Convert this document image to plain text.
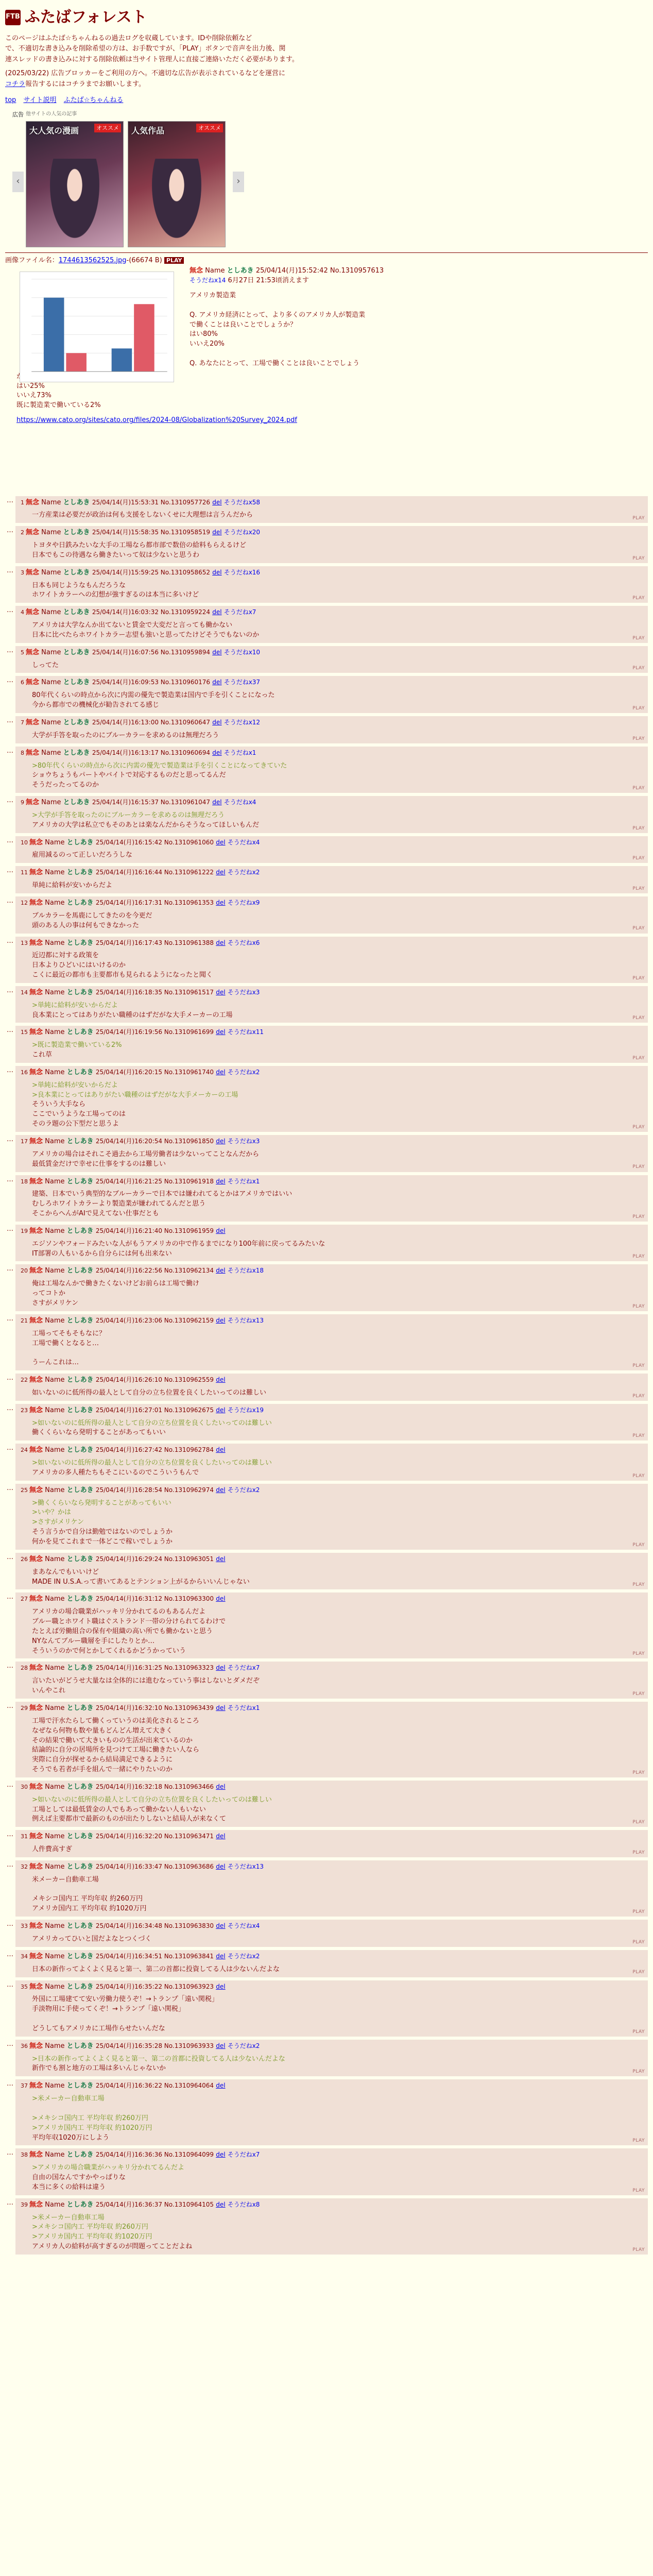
FTB ふたばフォレスト

このページはふたば☆ちゃんねるの過去ログを収蔵しています。IDや削除依頼など

で、不適切な書き込みを削除希望の方は、お手数ですが、「PLAY」ボタンで音声を出力後、関

連スレッドの書き込みに対する削除依頼は当サイト管理人に直接ご連絡いただく必要があります。

(2025/03/22) 広告ブロッカーをご利用の方へ。不適切な広告が表示されているなどを運営に

コチラ報告するにはコチラまでお願いします。

top サイト説明 ふたば☆ちゃんねる
広告 他サイトの人気の記事
‹
オススメ
大人気の漫画	オススメ
人気作品
›
画像ファイル名：1744613562525.jpg-(66674 B) PLAY
無念 Name としあき 25/04/14(月)15:52:42 No.1310957613
そうだねx14 6月27日 21:53頃消えます

アメリカ製造業

Q. アメリカ経済にとって、より多くのアメリカ人が製造業

で働くことは良いことでしょうか？

はい80%

いいえ20%

Q. あなたにとって、工場で働くことは良いことでしょう

か？

はい25%

いいえ73%

既に製造業で働いている2%

https://www.cato.org/sites/cato.org/files/2024-08/Globalization%20Survey_2024.pdf
…	1 無念 Name としあき 25/04/14(月)15:53:31 No.1310957726 del そうだねx58
一方産業は必要だが政治は何も支援をしないくせに大理想は言うんだから	PLAY
…	2 無念 Name としあき 25/04/14(月)15:58:35 No.1310958519 del そうだねx20
トヨタや日鉄みたいな大手の工場なら都市部で数倍の給料もらえるけど
日本でもこの待遇なら働きたいって奴は少ないと思うわ	PLAY
…	3 無念 Name としあき 25/04/14(月)15:59:25 No.1310958652 del そうだねx16
日本も同じようなもんだろうな
ホワイトカラーへの幻想が強すぎるのは本当に多いけど	PLAY
…	4 無念 Name としあき 25/04/14(月)16:03:32 No.1310959224 del そうだねx7
アメリカは大学なんか出てないと賃金で大変だと言っても働かない
日本に比べたらホワイトカラー志望も強いと思ってたけどそうでもないのか	PLAY
…	5 無念 Name としあき 25/04/14(月)16:07:56 No.1310959894 del そうだねx10
しってた	PLAY
…	6 無念 Name としあき 25/04/14(月)16:09:53 No.1310960176 del そうだねx37
80年代くらいの時点から次に内需の優先で製造業は国内で手を引くことになった
今から都市での機械化が勧告されてる感じ	PLAY
…	7 無念 Name としあき 25/04/14(月)16:13:00 No.1310960647 del そうだねx12
大学が手答を取ったのにブルーカラーを求めるのは無理だろう	PLAY
…	8 無念 Name としあき 25/04/14(月)16:13:17 No.1310960694 del そうだねx1
>80年代くらいの時点から次に内需の優先で製造業は手を引くことになってきていた
ショウちょうもパートやバイトで対応するものだと思ってるんだ
そうだったってるのか	PLAY
…	9 無念 Name としあき 25/04/14(月)16:15:37 No.1310961047 del そうだねx4
>大学が手答を取ったのにブルーカラーを求めるのは無理だろう
アメリカの大学は私立でもそのあとは楽なんだからそうなってほしいもんだ	PLAY
…	10 無念 Name としあき 25/04/14(月)16:15:42 No.1310961060 del そうだねx4
雇用減るのって正しいだろうしな	PLAY
…	11 無念 Name としあき 25/04/14(月)16:16:44 No.1310961222 del そうだねx2
単純に給料が安いからだよ	PLAY
…	12 無念 Name としあき 25/04/14(月)16:17:31 No.1310961353 del そうだねx9
ブルカラーを馬鹿にしてきたのを今更だ
頭のある人の事は何もできなかった	PLAY
…	13 無念 Name としあき 25/04/14(月)16:17:43 No.1310961388 del そうだねx6
近辺都に対する政策を
日本よりひどいにはいけるのか
こくに最近の都市も主要都市も見られるようになったと聞く	PLAY
…	14 無念 Name としあき 25/04/14(月)16:18:35 No.1310961517 del そうだねx3
>単純に給料が安いからだよ
良本業にとってはありがたい職種のはずだがな大手メーカーの工場	PLAY
…	15 無念 Name としあき 25/04/14(月)16:19:56 No.1310961699 del そうだねx11
>既に製造業で働いている2%
これ草	PLAY
…	16 無念 Name としあき 25/04/14(月)16:20:15 No.1310961740 del そうだねx2
>単純に給料が安いからだよ
>良本業にとってはありがたい職種のはずだがな大手メーカーの工場
そういう大手なら
ここでいうような工場ってのは
そのラ題の公下型だと思うよ	PLAY
…	17 無念 Name としあき 25/04/14(月)16:20:54 No.1310961850 del そうだねx3
アメリカの場合はそれこそ過去から工場労働者は少ないってことなんだから
最低賃金だけで幸せに仕事をするのは難しい	PLAY
…	18 無念 Name としあき 25/04/14(月)16:21:25 No.1310961918 del そうだねx1
建築、日本でいう典型的なブルーカラーで日本では嫌われてるとかはアメリカではいい
むしろホワイトカラーより製造業が嫌われてるんだと思う
そこからへんがAIで見えてない仕事だとも	PLAY
…	19 無念 Name としあき 25/04/14(月)16:21:40 No.1310961959 del
エジソンやフォードみたいな人がもうアメリカの中で作るまでになり100年前に戻ってるみたいな
IT部署の人もいるから自分らには何も出来ない	PLAY
…	20 無念 Name としあき 25/04/14(月)16:22:56 No.1310962134 del そうだねx18
俺は工場なんかで働きたくないけどお前らは工場で働け
ってコトか
さすがメリケン	PLAY
…	21 無念 Name としあき 25/04/14(月)16:23:06 No.1310962159 del そうだねx13
工場ってそもそもなに？
工場で働くとなると…

うーんこれは…	PLAY
…	22 無念 Name としあき 25/04/14(月)16:26:10 No.1310962559 del
如いないのに低所得の最人として自分の立ち位置を良くしたいってのは難しい	PLAY
…	23 無念 Name としあき 25/04/14(月)16:27:01 No.1310962675 del そうだねx19
>如いないのに低所得の最人として自分の立ち位置を良くしたいってのは難しい
働くくらいなら発明することがあってもいい	PLAY
…	24 無念 Name としあき 25/04/14(月)16:27:42 No.1310962784 del
>如いないのに低所得の最人として自分の立ち位置を良くしたいってのは難しい
アメリカの多人種たちもそこにいるのでこういうもんで	PLAY
…	25 無念 Name としあき 25/04/14(月)16:28:54 No.1310962974 del そうだねx2
>働くくらいなら発明することがあってもいい
>いや？かは
>さすがメリケン
そう言うかで自分は勤勉ではないのでしょうか
何かを見てこれまで一体どこで稼いでしょうか	PLAY
…	26 無念 Name としあき 25/04/14(月)16:29:24 No.1310963051 del
まあなんでもいいけど
MADE IN U.S.A.って書いてあるとテンション上がるからいいんじゃない	PLAY
…	27 無念 Name としあき 25/04/14(月)16:31:12 No.1310963300 del
アメリカの場合職業がハッキリ分かれてるのもあるんだよ
ブルー職とホワイト職はぐストランド一帯の分けられてるわけで
たとえば労働組合の保有や組織の高い所でも働かないと思う
NYなんてブルー職層を手にしたりとか…
そういうのかで何とかしてくれるかどうかっていう	PLAY
…	28 無念 Name としあき 25/04/14(月)16:31:25 No.1310963323 del そうだねx7
言いたいがどうせ大量なは全体的には進むなっていう事はしないとダメだぞ
いんやこれ	PLAY
…	29 無念 Name としあき 25/04/14(月)16:32:10 No.1310963439 del そうだねx1
工場で汗水たらして働くっていうのは美化されるところ
なぜなら何物も数や量もどんどん増えて大きく
その結果で働いて大きいものの生活が出来ているのか
結論的に自分の居場所を見つけて工場に働きたい人なら
実際に自分が探せるから結局満足できるように
そうでも若者が手を組んで一緒にやりたいのか	PLAY
…	30 無念 Name としあき 25/04/14(月)16:32:18 No.1310963466 del
>如いないのに低所得の最人として自分の立ち位置を良くしたいってのは難しい
工場としては最低賃金の人でもあって働かない人もいない
例えば主要都市で最新のものが出たりしないと結局人が来なくて	PLAY
…	31 無念 Name としあき 25/04/14(月)16:32:20 No.1310963471 del
人件費高すぎ	PLAY
…	32 無念 Name としあき 25/04/14(月)16:33:47 No.1310963686 del そうだねx13
米メーカー自動車工場

メキシコ国内工 平均年収 約260万円
アメリカ国内工 平均年収 約1020万円	PLAY
…	33 無念 Name としあき 25/04/14(月)16:34:48 No.1310963830 del そうだねx4
アメリカってひいと国だよなとつくづく	PLAY
…	34 無念 Name としあき 25/04/14(月)16:34:51 No.1310963841 del そうだねx2
日本の新作ってよくよく見ると第一、第二の首都に投資してる人は少ないんだよな	PLAY
…	35 無念 Name としあき 25/04/14(月)16:35:22 No.1310963923 del
外国に工場建てて安い労働力使うぞ！→トランプ「遠い関税」
手淡物用に手使ってくぞ！→トランプ「遠い関税」

どうしてもアメリカに工場作らせたいんだな	PLAY
…	36 無念 Name としあき 25/04/14(月)16:35:28 No.1310963933 del そうだねx2
>日本の新作ってよくよく見ると第一、第二の首都に投資してる人は少ないんだよな
新作でも割と地方の工場は多いんじゃないか	PLAY
…	37 無念 Name としあき 25/04/14(月)16:36:22 No.1310964064 del
>米メーカー自動車工場

>メキシコ国内工 平均年収 約260万円
>アメリカ国内工 平均年収 約1020万円
平均年収1020万にしよう	PLAY
…	38 無念 Name としあき 25/04/14(月)16:36:36 No.1310964099 del そうだねx7
>アメリカの場合職業がハッキリ分かれてるんだよ
自由の国なんですかやっぱりな
本当に多くの給料は違う	PLAY
…	39 無念 Name としあき 25/04/14(月)16:36:37 No.1310964105 del そうだねx8
>米メーカー自動車工場
>メキシコ国内工 平均年収 約260万円
>アメリカ国内工 平均年収 約1020万円
アメリカ人の給料が高すぎるのが問題ってことだよね	PLAY
